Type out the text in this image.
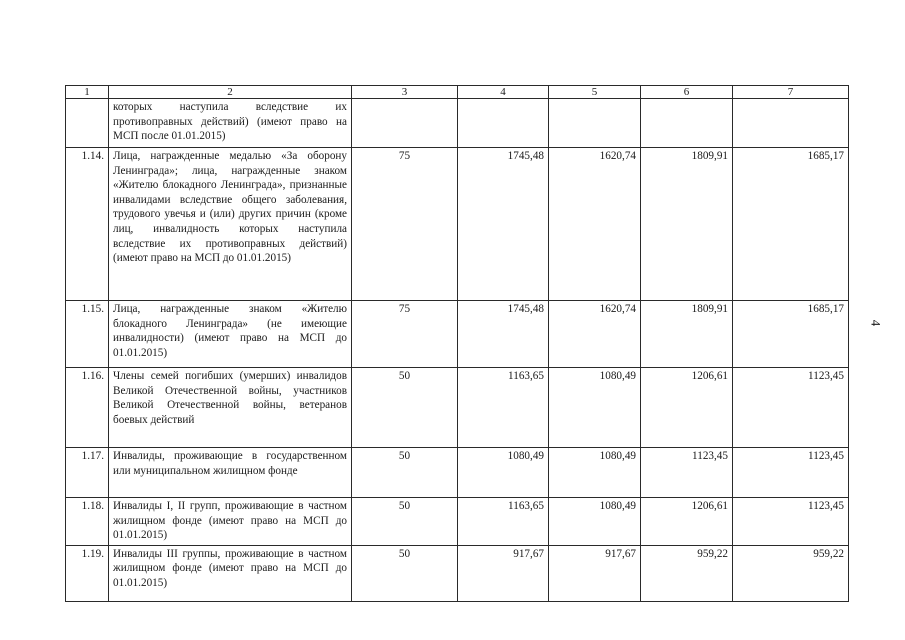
1	2	3	4	5	6	7
	которых наступила вследствие их противоправных действий) (имеют право на МСП после 01.01.2015)					
1.14.	Лица, награжденные медалью «За оборону Ленинграда»; лица, награжденные знаком «Жителю блокадного Ленинграда», признанные инвалидами вследствие общего заболевания, трудового увечья и (или) других причин (кроме лиц, инвалидность которых наступила вследствие их противоправных действий) (имеют право на МСП до 01.01.2015)	75	1745,48	1620,74	1809,91	1685,17
1.15.	Лица, награжденные знаком «Жителю блокадного Ленинграда» (не имеющие инвалидности) (имеют право на МСП до 01.01.2015)	75	1745,48	1620,74	1809,91	1685,17
1.16.	Члены семей погибших (умерших) инвалидов Великой Отечественной войны, участников Великой Отечественной войны, ветеранов боевых действий	50	1163,65	1080,49	1206,61	1123,45
1.17.	Инвалиды, проживающие в государственном или муниципальном жилищном фонде	50	1080,49	1080,49	1123,45	1123,45
1.18.	Инвалиды I, II групп, проживающие в частном жилищном фонде (имеют право на МСП до 01.01.2015)	50	1163,65	1080,49	1206,61	1123,45
1.19.	Инвалиды III группы, проживающие в частном жилищном фонде (имеют право на МСП до 01.01.2015)	50	917,67	917,67	959,22	959,22
4
